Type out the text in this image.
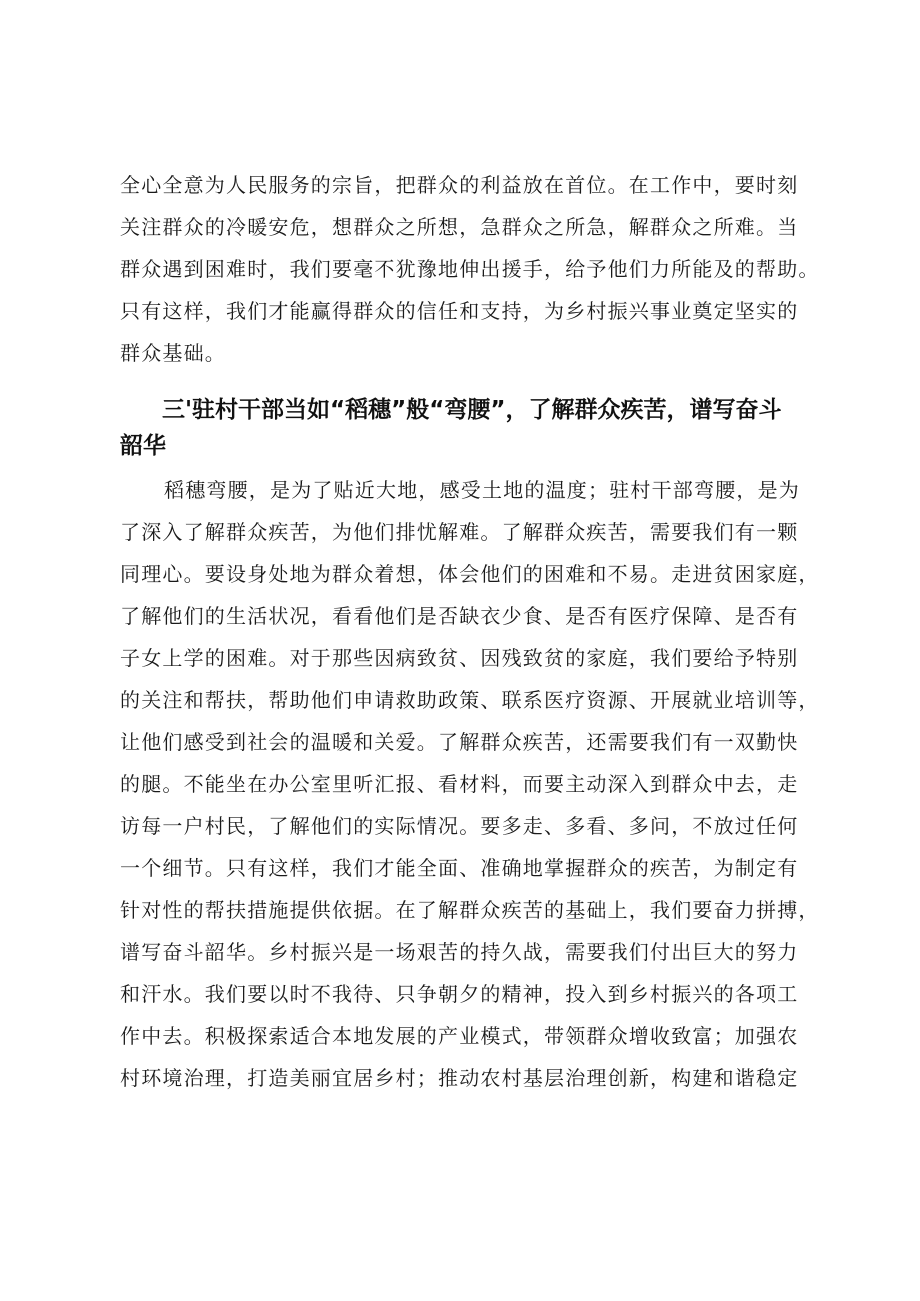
全心全意为人民服务的宗旨，把群众的利益放在首位。在工作中，要时刻
关注群众的冷暖安危，想群众之所想，急群众之所急，解群众之所难。当
群众遇到困难时，我们要毫不犹豫地伸出援手，给予他们力所能及的帮助。
只有这样，我们才能赢得群众的信任和支持，为乡村振兴事业奠定坚实的
群众基础。
三'驻村干部当如“稻穗”般“弯腰”，了解群众疾苦，谱写奋斗
韶华
稻穗弯腰，是为了贴近大地，感受土地的温度；驻村干部弯腰，是为
了深入了解群众疾苦，为他们排忧解难。了解群众疾苦，需要我们有一颗
同理心。要设身处地为群众着想，体会他们的困难和不易。走进贫困家庭，
了解他们的生活状况，看看他们是否缺衣少食、是否有医疗保障、是否有
子女上学的困难。对于那些因病致贫、因残致贫的家庭，我们要给予特别
的关注和帮扶，帮助他们申请救助政策、联系医疗资源、开展就业培训等，
让他们感受到社会的温暖和关爱。了解群众疾苦，还需要我们有一双勤快
的腿。不能坐在办公室里听汇报、看材料，而要主动深入到群众中去，走
访每一户村民，了解他们的实际情况。要多走、多看、多问，不放过任何
一个细节。只有这样，我们才能全面、准确地掌握群众的疾苦，为制定有
针对性的帮扶措施提供依据。在了解群众疾苦的基础上，我们要奋力拼搏，
谱写奋斗韶华。乡村振兴是一场艰苦的持久战，需要我们付出巨大的努力
和汗水。我们要以时不我待、只争朝夕的精神，投入到乡村振兴的各项工
作中去。积极探索适合本地发展的产业模式，带领群众增收致富；加强农
村环境治理，打造美丽宜居乡村；推动农村基层治理创新，构建和谐稳定
